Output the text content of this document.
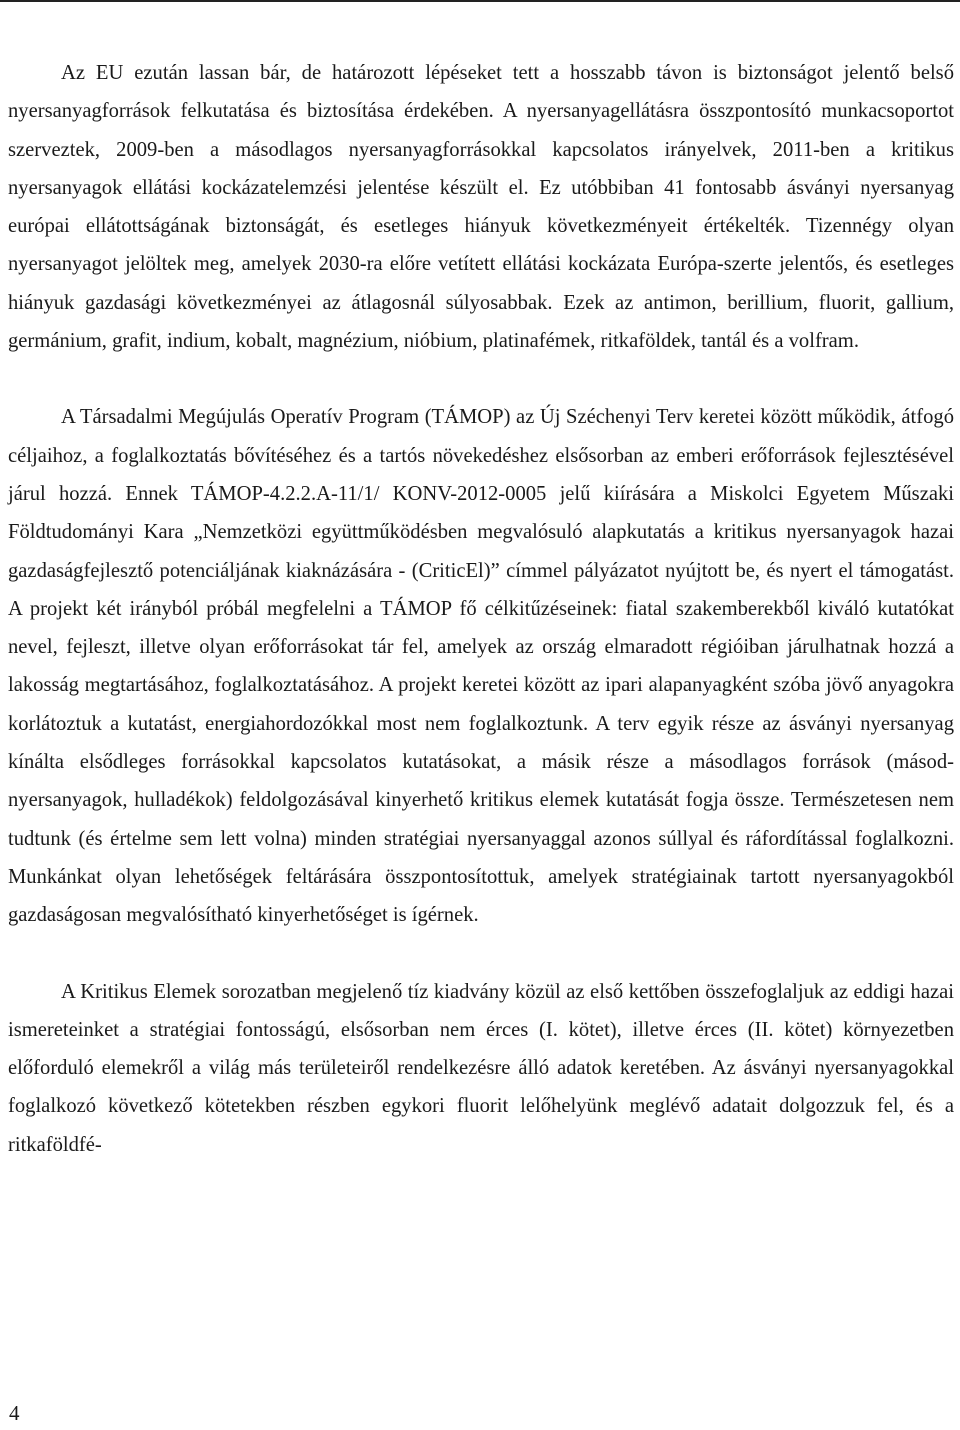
Az EU ezután lassan bár, de határozott lépéseket tett a hosszabb távon is biztonságot jelentő belső nyersanyagforrások felkutatása és biztosítása érdekében. A nyersanyagellátásra összpontosító munkacsoportot szerveztek, 2009-ben a másodlagos nyersanyagforrásokkal kapcsolatos irányelvek, 2011-ben a kritikus nyersanyagok ellátási kockázatelemzési jelentése készült el. Ez utóbbiban 41 fontosabb ásványi nyersanyag európai ellátottságának biztonságát, és esetleges hiányuk következményeit értékelték. Tizennégy olyan nyersanyagot jelöltek meg, amelyek 2030-ra előre vetített ellátási kockázata Európa-szerte jelentős, és esetleges hiányuk gazdasági következményei az átlagosnál súlyosabbak. Ezek az antimon, berillium, fluorit, gallium, germánium, grafit, indium, kobalt, magnézium, nióbium, platinafémek, ritkaföldek, tantál és a volfram.

A Társadalmi Megújulás Operatív Program (TÁMOP) az Új Széchenyi Terv keretei között működik, átfogó céljaihoz, a foglalkoztatás bővítéséhez és a tartós növekedéshez elsősorban az emberi erőforrások fejlesztésével járul hozzá. Ennek TÁMOP-4.2.2.A-11/1/ KONV-2012-0005 jelű kiírására a Miskolci Egyetem Műszaki Földtudományi Kara „Nemzetközi együttműködésben megvalósuló alapkutatás a kritikus nyersanyagok hazai gazdaságfejlesztő potenciáljának kiaknázására - (CriticEl)” címmel pályázatot nyújtott be, és nyert el támogatást. A projekt két irányból próbál megfelelni a TÁMOP fő célkitűzéseinek: fiatal szakemberekből kiváló kutatókat nevel, fejleszt, illetve olyan erőforrásokat tár fel, amelyek az ország elmaradott régióiban járulhatnak hozzá a lakosság megtartásához, foglalkoztatásához. A projekt keretei között az ipari alapanyagként szóba jövő anyagokra korlátoztuk a kutatást, energiahordozókkal most nem foglalkoztunk. A terv egyik része az ásványi nyersanyag kínálta elsődleges forrásokkal kapcsolatos kutatásokat, a másik része a másodlagos források (másod-nyersanyagok, hulladékok) feldolgozásával kinyerhető kritikus elemek kutatását fogja össze. Természetesen nem tudtunk (és értelme sem lett volna) minden stratégiai nyersanyaggal azonos súllyal és ráfordítással foglalkozni. Munkánkat olyan lehetőségek feltárására összpontosítottuk, amelyek stratégiainak tartott nyersanyagokból gazdaságosan megvalósítható kinyerhetőséget is ígérnek.

A Kritikus Elemek sorozatban megjelenő tíz kiadvány közül az első kettőben összefoglaljuk az eddigi hazai ismereteinket a stratégiai fontosságú, elsősorban nem érces (I. kötet), illetve érces (II. kötet) környezetben előforduló elemekről a világ más területeiről rendelkezésre álló adatok keretében. Az ásványi nyersanyagokkal foglalkozó következő kötetekben részben egykori fluorit lelőhelyünk meglévő adatait dolgozzuk fel, és a ritkaföldfé-

4
